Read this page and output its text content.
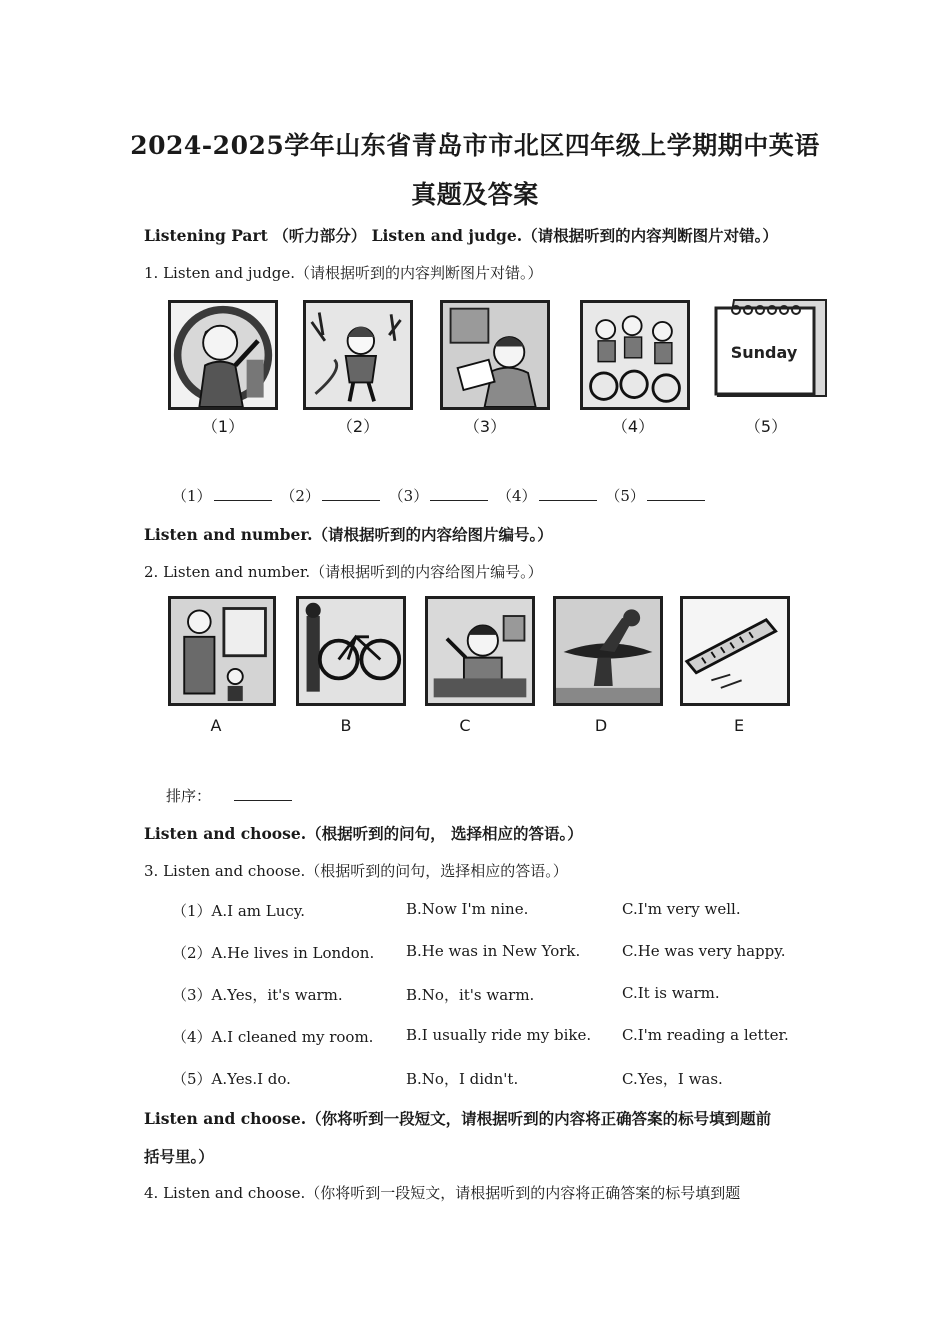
2024-2025学年山东省青岛市市北区四年级上学期期中英语
真题及答案
Listening Part （听力部分） Listen and judge.（请根据听到的内容判断图片对错。）
1. Listen and judge.（请根据听到的内容判断图片对错。）
Sunday
（1）	（2）	（3）	（4）	（5）
（1）	（2）	（3）	（4）	（5）
Listen and number.（请根据听到的内容给图片编号。）
2. Listen and number.（请根据听到的内容给图片编号。）
A	B	C	D	E
排序：
Listen and choose.（根据听到的问句， 选择相应的答语。）
3. Listen and choose.（根据听到的问句，选择相应的答语。）
（1）A.I am Lucy.	B.Now I'm nine.	C.I'm very well.
（2）A.He lives in London. B.He was in New York.	C.He was very happy.
（3）A.Yes，it's warm.	B.No，it's warm.	C.It is warm.
（4）A.I cleaned my room. B.I usually ride my bike. C.I'm reading a letter.
（5）A.Yes.I do.	B.No，I didn't.	C.Yes，I was.
Listen and choose.（你将听到一段短文，请根据听到的内容将正确答案的标号填到题前
括号里。）
4. Listen and choose.（你将听到一段短文，请根据听到的内容将正确答案的标号填到题
